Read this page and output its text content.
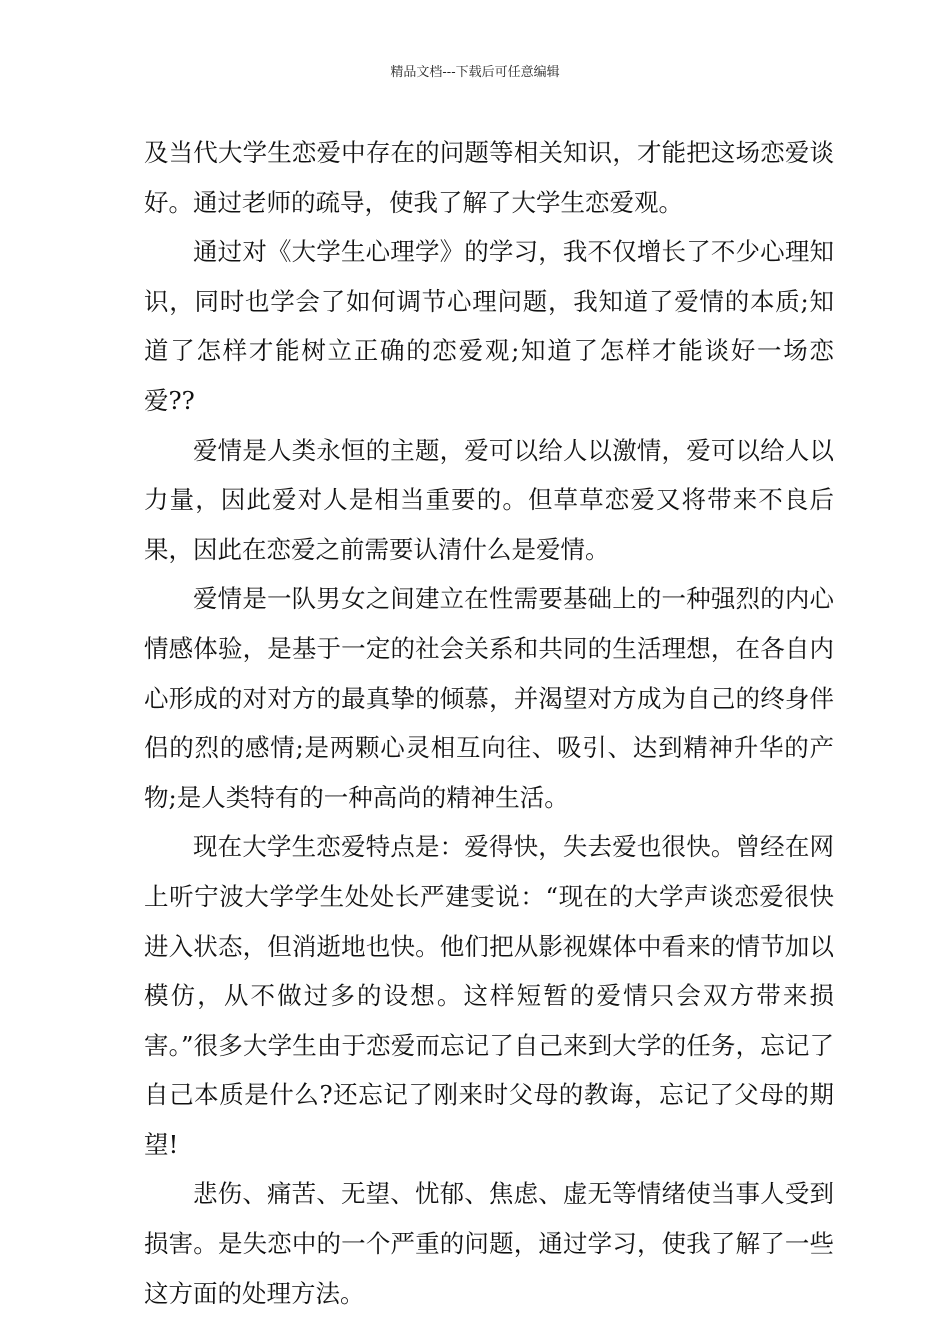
精品文档---下载后可任意编辑

及当代大学生恋爱中存在的问题等相关知识，才能把这场恋爱谈好。通过老师的疏导，使我了解了大学生恋爱观。

通过对《大学生心理学》的学习，我不仅增长了不少心理知识，同时也学会了如何调节心理问题，我知道了爱情的本质;知道了怎样才能树立正确的恋爱观;知道了怎样才能谈好一场恋爱??

爱情是人类永恒的主题，爱可以给人以激情，爱可以给人以力量，因此爱对人是相当重要的。但草草恋爱又将带来不良后果，因此在恋爱之前需要认清什么是爱情。

爱情是一队男女之间建立在性需要基础上的一种强烈的内心情感体验，是基于一定的社会关系和共同的生活理想，在各自内心形成的对对方的最真挚的倾慕，并渴望对方成为自己的终身伴侣的烈的感情;是两颗心灵相互向往、吸引、达到精神升华的产物;是人类特有的一种高尚的精神生活。

现在大学生恋爱特点是：爱得快，失去爱也很快。曾经在网上听宁波大学学生处处长严建雯说：“现在的大学声谈恋爱很快进入状态，但消逝地也快。他们把从影视媒体中看来的情节加以模仿，从不做过多的设想。这样短暂的爱情只会双方带来损害。”很多大学生由于恋爱而忘记了自己来到大学的任务，忘记了自己本质是什么?还忘记了刚来时父母的教诲，忘记了父母的期望!

悲伤、痛苦、无望、忧郁、焦虑、虚无等情绪使当事人受到损害。是失恋中的一个严重的问题，通过学习，使我了解了一些这方面的处理方法。
